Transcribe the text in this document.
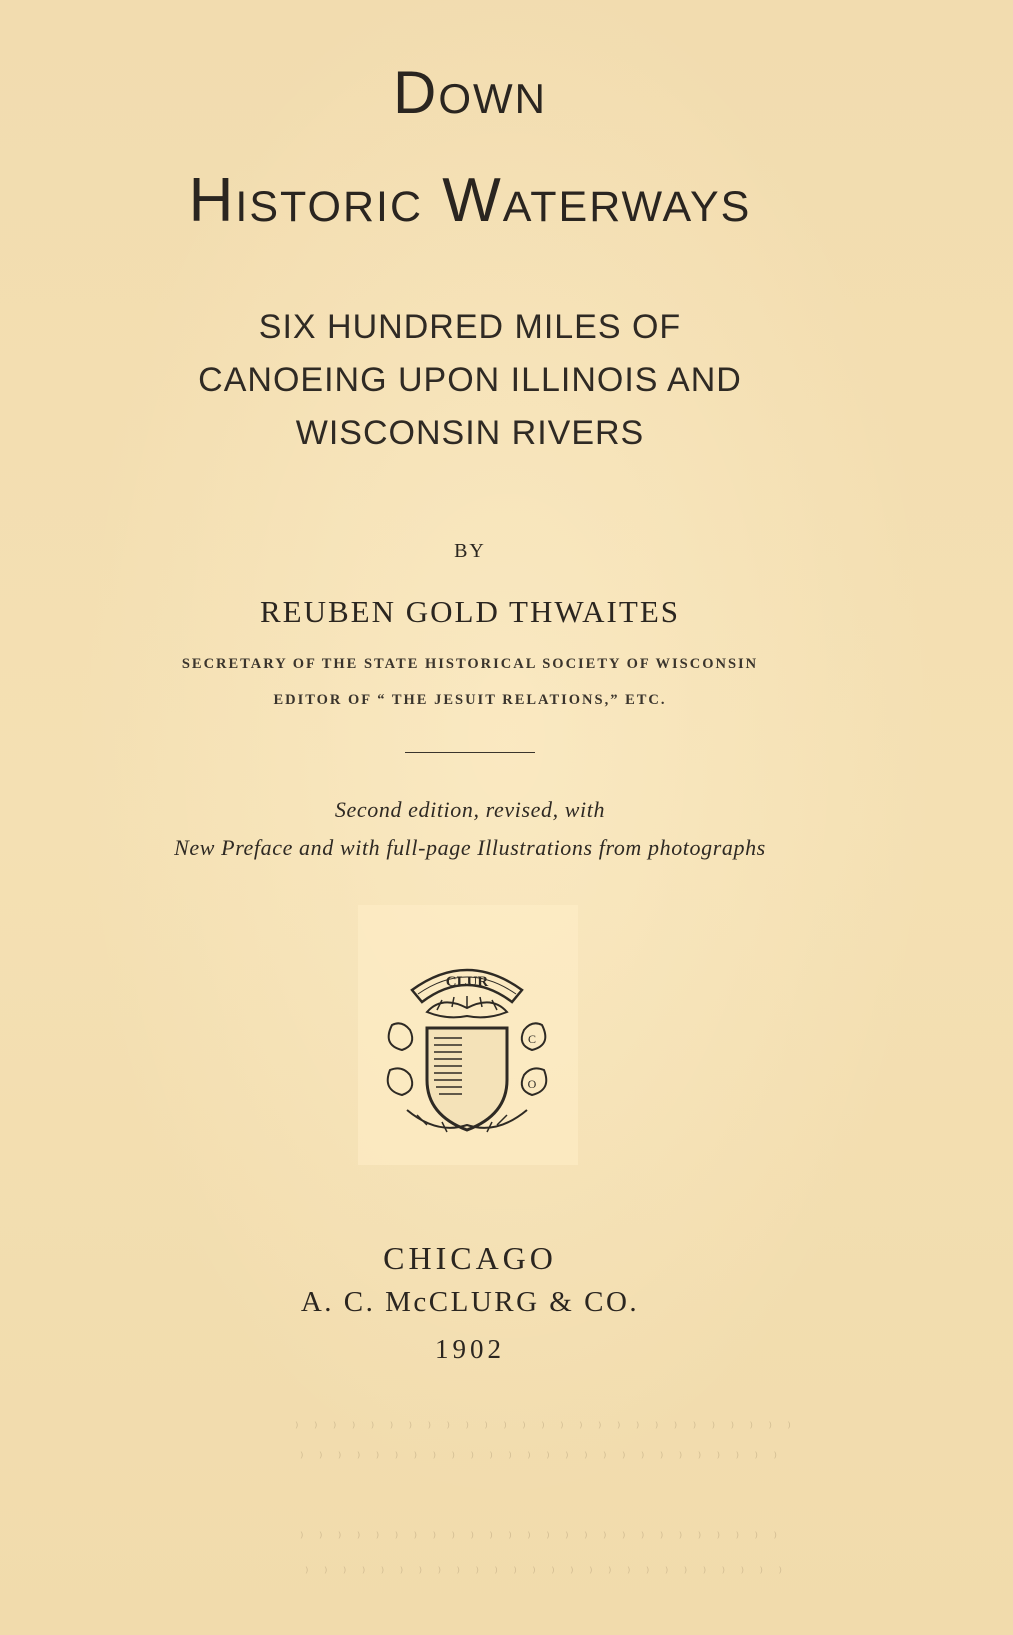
Down
Historic Waterways
SIX HUNDRED MILES OF
CANOEING UPON ILLINOIS AND
WISCONSIN RIVERS
BY
REUBEN GOLD THWAITES
SECRETARY OF THE STATE HISTORICAL SOCIETY OF WISCONSIN
EDITOR OF “ THE JESUIT RELATIONS,” ETC.
Second edition, revised, with
New Preface and with full-page Illustrations from photographs
CLUR
C
O
CHICAGO
A. C. McCLURG & CO.
1902
⁾ ⁾ ⁾ ⁾ ⁾ ⁾ ⁾ ⁾ ⁾ ⁾ ⁾ ⁾ ⁾ ⁾ ⁾ ⁾ ⁾ ⁾ ⁾ ⁾ ⁾ ⁾ ⁾ ⁾ ⁾ ⁾ ⁾
⁾ ⁾ ⁾ ⁾ ⁾ ⁾ ⁾ ⁾ ⁾ ⁾ ⁾ ⁾ ⁾ ⁾ ⁾ ⁾ ⁾ ⁾ ⁾ ⁾ ⁾ ⁾ ⁾ ⁾ ⁾ ⁾
⁾ ⁾ ⁾ ⁾ ⁾ ⁾ ⁾ ⁾ ⁾ ⁾ ⁾ ⁾ ⁾ ⁾ ⁾ ⁾ ⁾ ⁾ ⁾ ⁾ ⁾ ⁾ ⁾ ⁾ ⁾ ⁾
⁾ ⁾ ⁾ ⁾ ⁾ ⁾ ⁾ ⁾ ⁾ ⁾ ⁾ ⁾ ⁾ ⁾ ⁾ ⁾ ⁾ ⁾ ⁾ ⁾ ⁾ ⁾ ⁾ ⁾ ⁾ ⁾
